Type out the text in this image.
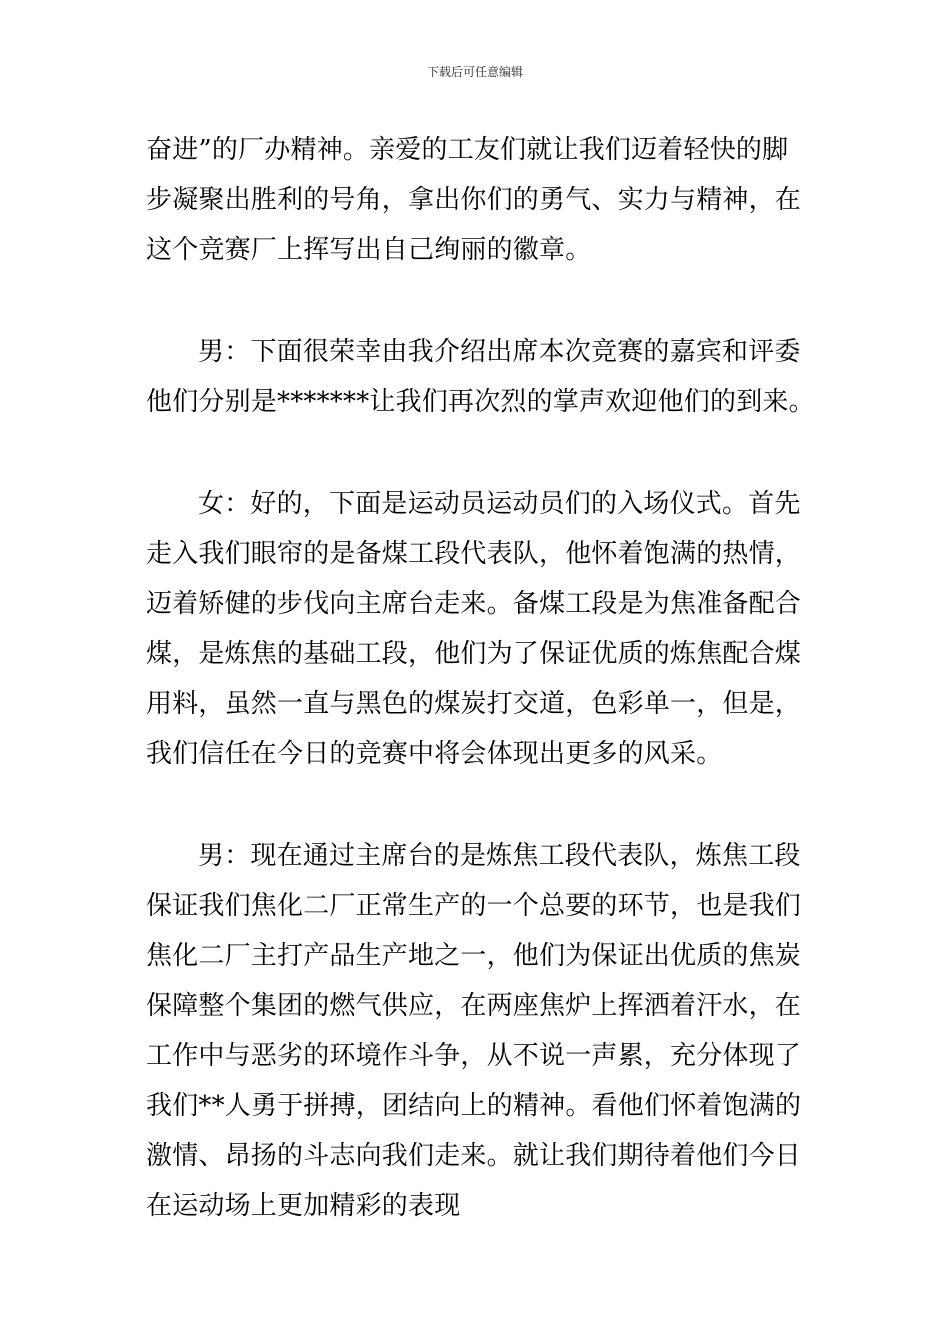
下载后可任意编辑

奋进”的厂办精神。亲爱的工友们就让我们迈着轻快的脚
步凝聚出胜利的号角，拿出你们的勇气、实力与精神，在
这个竞赛厂上挥写出自己绚丽的徽章。

男：下面很荣幸由我介绍出席本次竞赛的嘉宾和评委
他们分别是*******让我们再次烈的掌声欢迎他们的到来。

女：好的，下面是运动员运动员们的入场仪式。首先
走入我们眼帘的是备煤工段代表队，他怀着饱满的热情，
迈着矫健的步伐向主席台走来。备煤工段是为焦准备配合
煤，是炼焦的基础工段，他们为了保证优质的炼焦配合煤
用料，虽然一直与黑色的煤炭打交道，色彩单一，但是，
我们信任在今日的竞赛中将会体现出更多的风采。

男：现在通过主席台的是炼焦工段代表队，炼焦工段
保证我们焦化二厂正常生产的一个总要的环节，也是我们
焦化二厂主打产品生产地之一，他们为保证出优质的焦炭
保障整个集团的燃气供应，在两座焦炉上挥洒着汗水，在
工作中与恶劣的环境作斗争，从不说一声累，充分体现了
我们**人勇于拼搏，团结向上的精神。看他们怀着饱满的
激情、昂扬的斗志向我们走来。就让我们期待着他们今日
在运动场上更加精彩的表现
